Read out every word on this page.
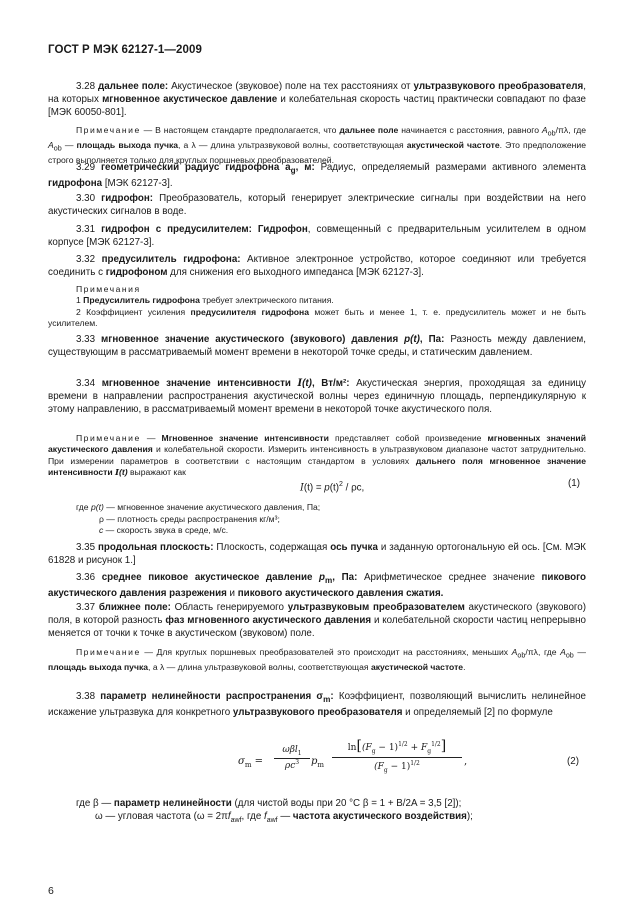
ГОСТ Р МЭК 62127-1—2009

3.28 дальнее поле: Акустическое (звуковое) поле на тех расстояниях от ультразвукового преобразователя, на которых мгновенное акустическое давление и колебательная скорость частиц практически совпадают по фазе [МЭК 60050-801].

Примечание — В настоящем стандарте предполагается, что дальнее поле начинается с расстояния, равного $A_{ob}/\pi\lambda$, где $A_{ob}$ — площадь выхода пучка, а λ — длина ультразвуковой волны, соответствующая акустической частоте. Это предположение строго выполняется только для круглых поршневых преобразователей.

3.29 геометрический радиус гидрофона $a_g$, м: Радиус, определяемый размерами активного элемента гидрофона [МЭК 62127-3].

3.30 гидрофон: Преобразователь, который генерирует электрические сигналы при воздействии на него акустических сигналов в воде.

3.31 гидрофон с предусилителем: Гидрофон, совмещенный с предварительным усилителем в одном корпусе [МЭК 62127-3].

3.32 предусилитель гидрофона: Активное электронное устройство, которое соединяют или требуется соединить с гидрофоном для снижения его выходного импеданса [МЭК 62127-3].

Примечания

1 Предусилитель гидрофона требует электрического питания.

2 Коэффициент усиления предусилителя гидрофона может быть и менее 1, т. е. предусилитель может и не быть усилителем.

3.33 мгновенное значение акустического (звукового) давления p(t), Па: Разность между давлением, существующим в рассматриваемый момент времени в некоторой точке среды, и статическим давлением.

3.34 мгновенное значение интенсивности I(t), Вт/м²: Акустическая энергия, проходящая за единицу времени в направлении распространения акустической волны через единичную площадь, перпендикулярную к этому направлению, в рассматриваемый момент времени в некоторой точке акустического поля.

Примечание — Мгновенное значение интенсивности представляет собой произведение мгновенных значений акустического давления и колебательной скорости. Измерить интенсивность в ультразвуковом диапазоне частот затруднительно. При измерении параметров в соответствии с настоящим стандартом в условиях дальнего поля мгновенное значение интенсивности I(t) выражают как

$I(t) = p(t)^2 / \rho c$,	(1)
где p(t) — мгновенное значение акустического давления, Па;
ρ — плотность среды распространения кг/м³;
c — скорость звука в среде, м/с.

3.35 продольная плоскость: Плоскость, содержащая ось пучка и заданную ортогональную ей ось. [См. МЭК 61828 и рисунок 1.]

3.36 среднее пиковое акустическое давление $p_m$, Па: Арифметическое среднее значение пикового акустического давления разрежения и пикового акустического давления сжатия.

3.37 ближнее поле: Область генерируемого ультразвуковым преобразователем акустического (звукового) поля, в которой разность фаз мгновенного акустического давления и колебательной скорости частиц непрерывно меняется от точки к точке в акустическом (звуковом) поле.

Примечание — Для круглых поршневых преобразователей это происходит на расстояниях, меньших $A_{ob}/\pi\lambda$, где $A_{ob}$ — площадь выхода пучка, а λ — длина ультразвуковой волны, соответствующая акустической частоте.

3.38 параметр нелинейности распространения $\sigma_m$: Коэффициент, позволяющий вычислить нелинейное искажение ультразвука для конкретного ультразвукового преобразователя и определяемый [2] по формуле

$\sigma_m$ =
ωβl$_1$
$\rho c^3$	$p_m$
$\ln[(F_g - 1)^{1/2} + F_g^{1/2}]$
$(F_g - 1)^{1/2}$	,	(2)
где β — параметр нелинейности (для чистой воды при 20 °С β = 1 + B/2A = 3,5 [2]);
ω — угловая частота ($\omega = 2\pi f_{awf}$, где $f_{awf}$ — частота акустического воздействия);
6
